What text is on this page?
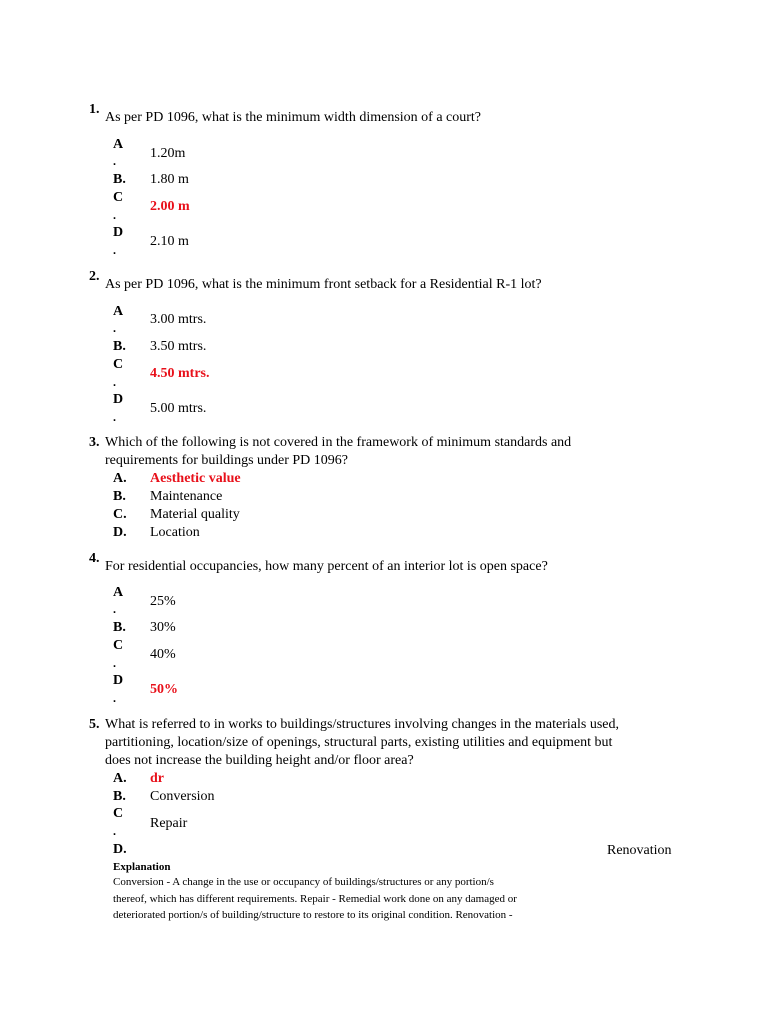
1.
As per PD 1096, what is the minimum width dimension of a court?
A
. 1.20m
B. 1.80 m
C
.
2.00 m
D
.
2.10 m
2.
As per PD 1096, what is the minimum front setback for a Residential R-1 lot?
A
.
3.00 mtrs.
B. 3.50 mtrs.
C
.
4.50 mtrs.
D
.
5.00 mtrs.
3. Which of the following is not covered in the framework of minimum standards and
requirements for buildings under PD 1096?
A. Aesthetic value
B. Maintenance
C. Material quality
D. Location
4.
For residential occupancies, how many percent of an interior lot is open space?
A
. 25%
B. 30%
C
.
40%
D
.
50%
5. What is referred to in works to buildings/structures involving changes in the materials used,
partitioning, location/size of openings, structural parts, existing utilities and equipment but
does not increase the building height and/or floor area?
A. dr
B. Conversion
C
. Repair
D.	Renovation
Explanation
Conversion - A change in the use or occupancy of buildings/structures or any portion/s
thereof, which has different requirements. Repair - Remedial work done on any damaged or
deteriorated portion/s of building/structure to restore to its original condition. Renovation -
